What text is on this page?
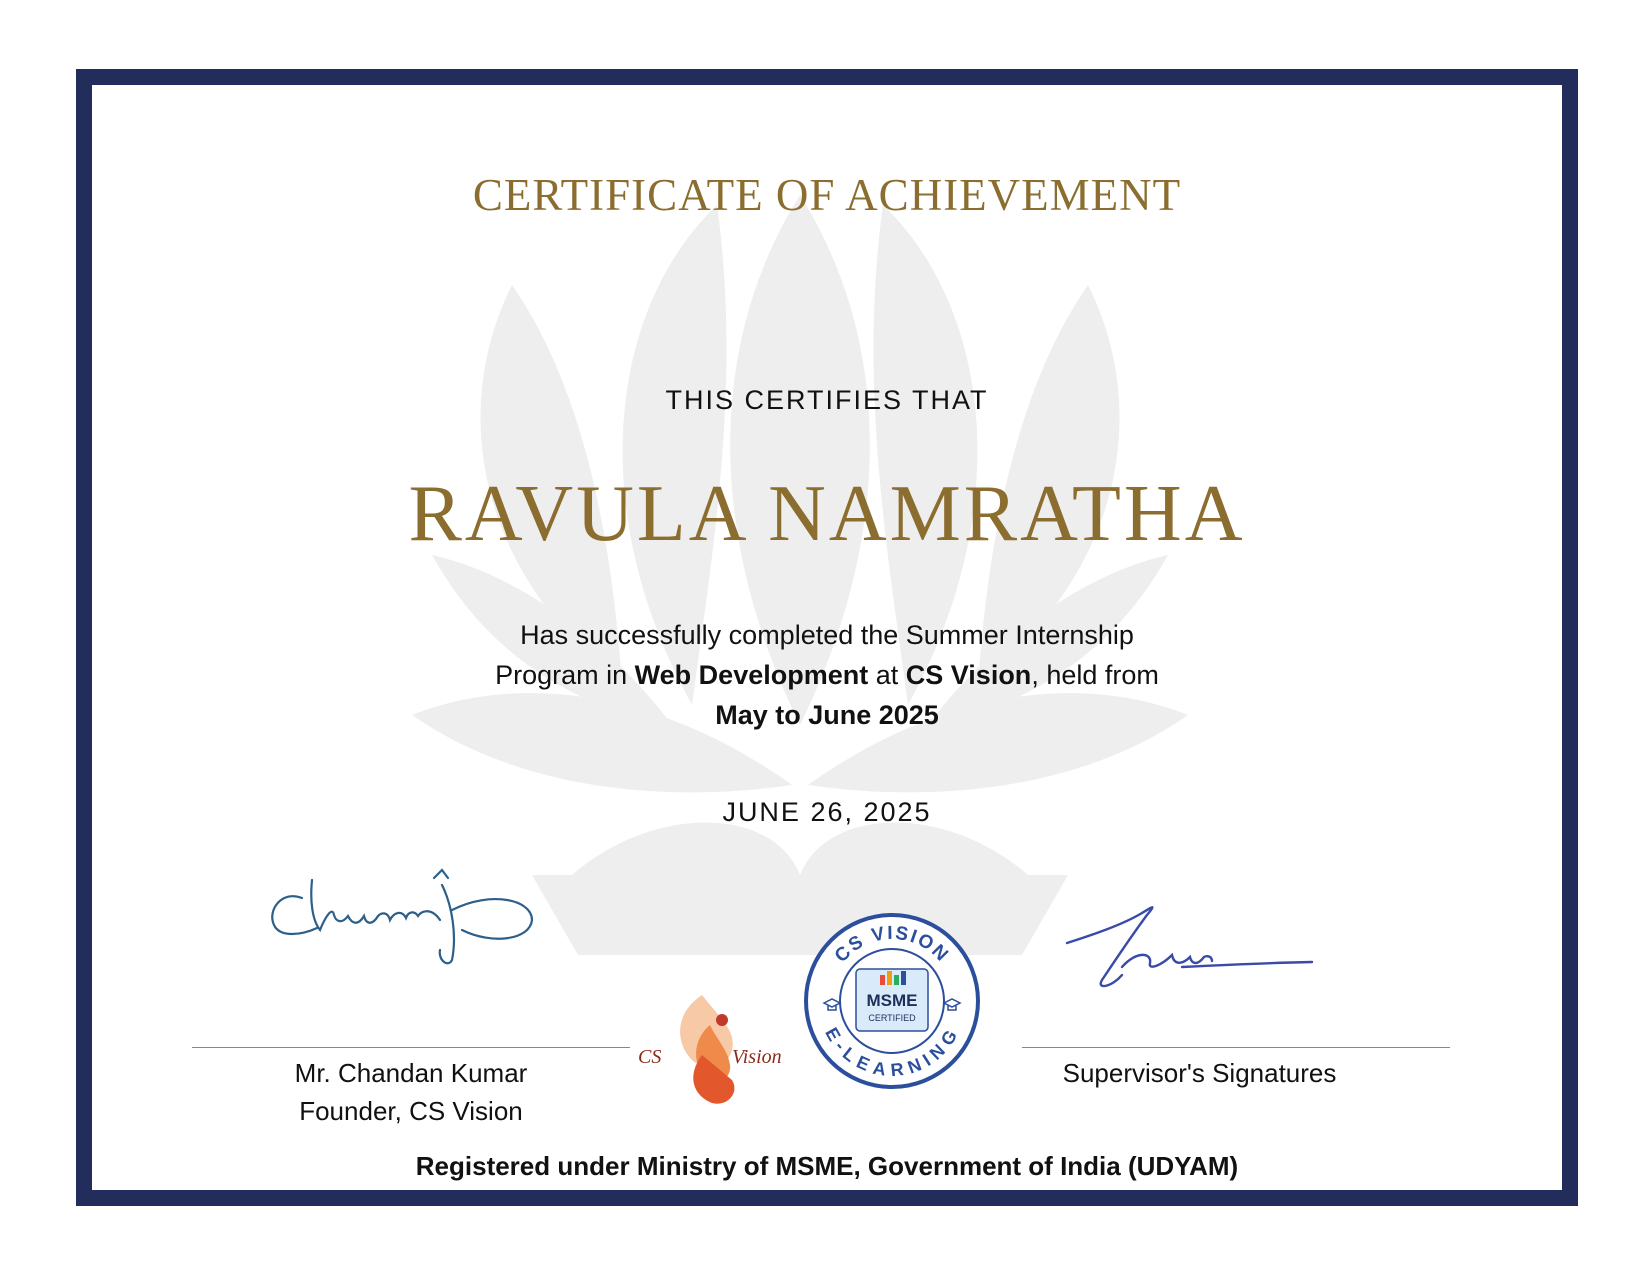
CERTIFICATE OF ACHIEVEMENT
THIS CERTIFIES THAT
RAVULA NAMRATHA
Has successfully completed the Summer Internship
Program in Web Development at CS Vision, held from
May to June 2025
JUNE 26, 2025
Kumar
Mr. Chandan Kumar
Founder, CS Vision
CS	Vision
CS VISION
E-LEARNING
MSME
CERTIFIED
Lenn
Supervisor's Signatures
Registered under Ministry of MSME, Government of India (UDYAM)
